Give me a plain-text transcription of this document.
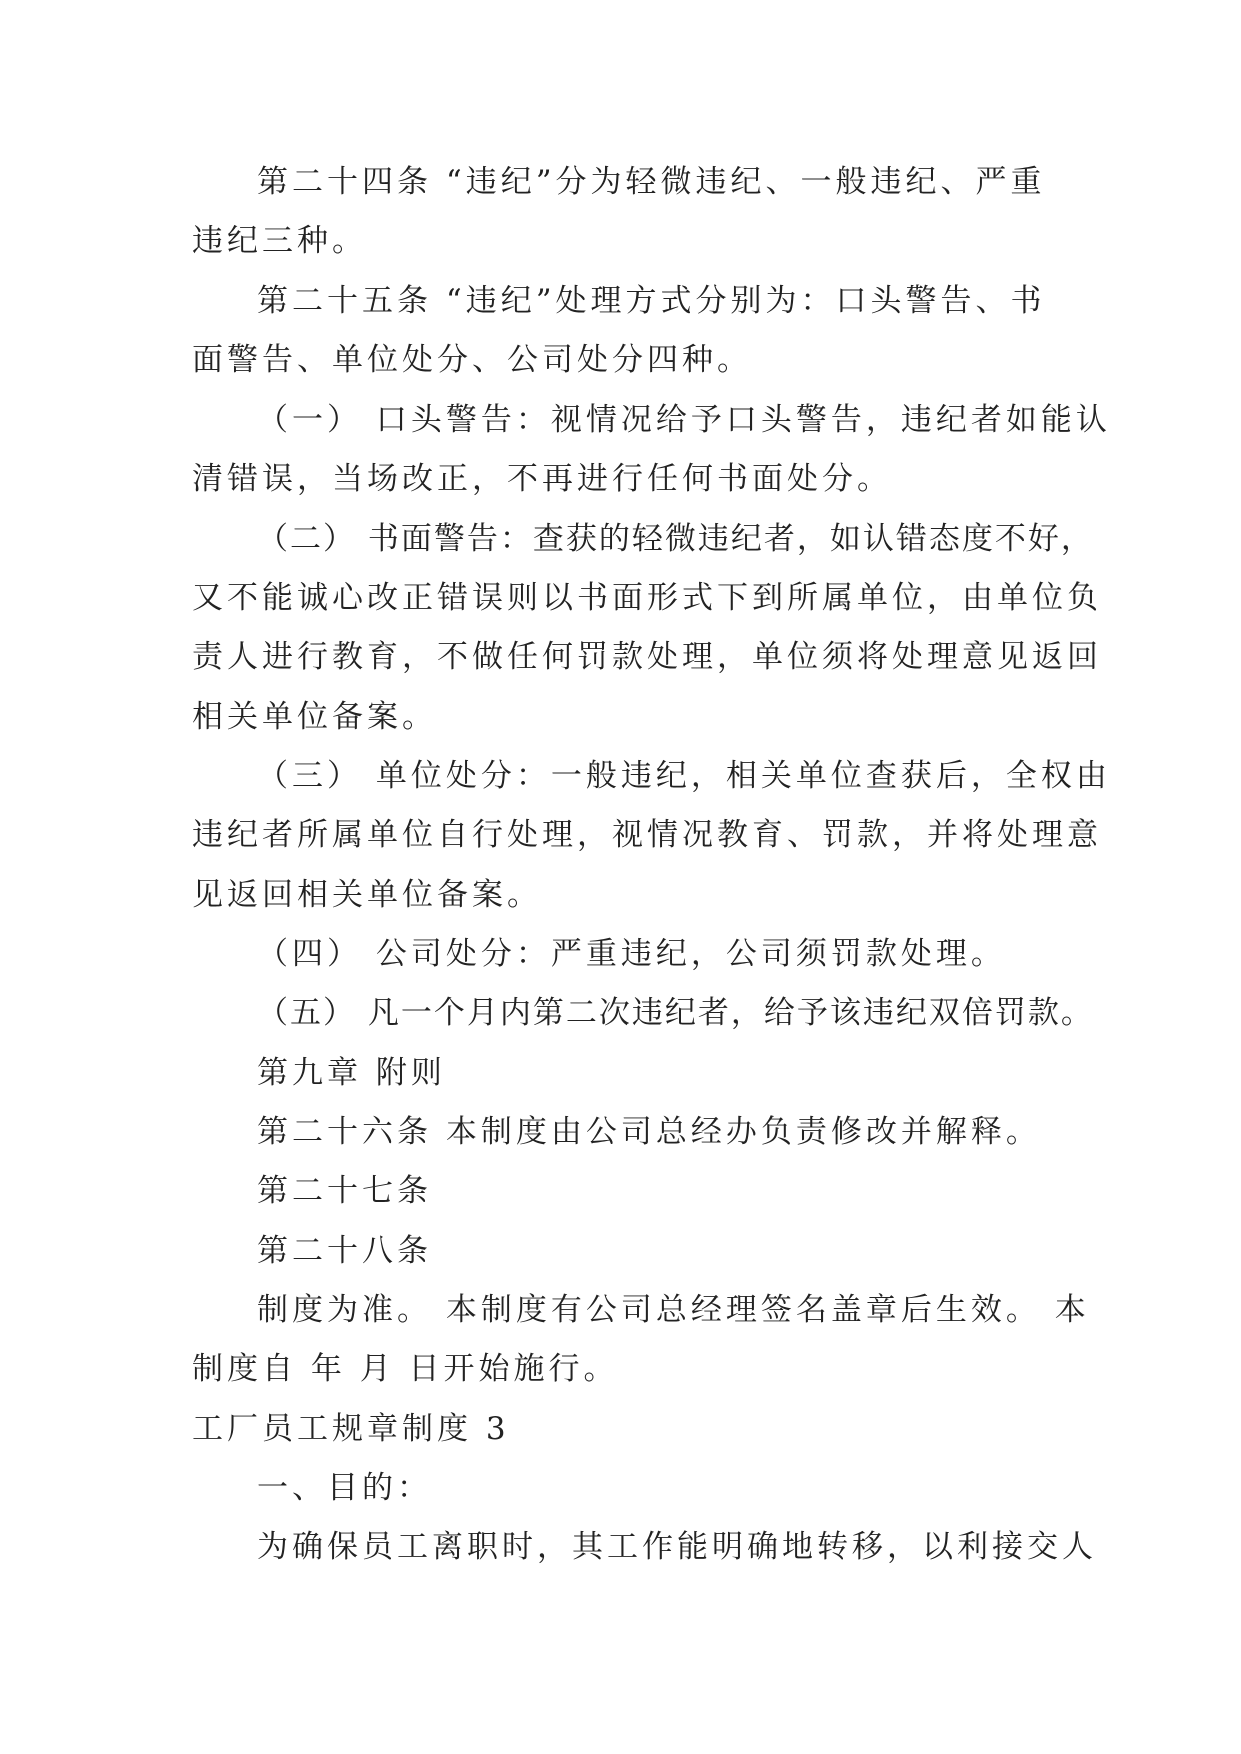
第二十四条 “违纪”分为轻微违纪、一般违纪、严重

违纪三种。

第二十五条 “违纪”处理方式分别为：口头警告、书

面警告、单位处分、公司处分四种。

（一） 口头警告：视情况给予口头警告，违纪者如能认

清错误，当场改正，不再进行任何书面处分。

（二） 书面警告：查获的轻微违纪者，如认错态度不好，

又不能诚心改正错误则以书面形式下到所属单位，由单位负

责人进行教育，不做任何罚款处理，单位须将处理意见返回

相关单位备案。

（三） 单位处分：一般违纪，相关单位查获后，全权由

违纪者所属单位自行处理，视情况教育、罚款，并将处理意

见返回相关单位备案。

（四） 公司处分：严重违纪，公司须罚款处理。

（五） 凡一个月内第二次违纪者，给予该违纪双倍罚款。

第九章 附则

第二十六条 本制度由公司总经办负责修改并解释。

第二十七条

第二十八条

制度为准。 本制度有公司总经理签名盖章后生效。 本

制度自 年 月 日开始施行。

工厂员工规章制度 3

一、目的：

为确保员工离职时，其工作能明确地转移，以利接交人
